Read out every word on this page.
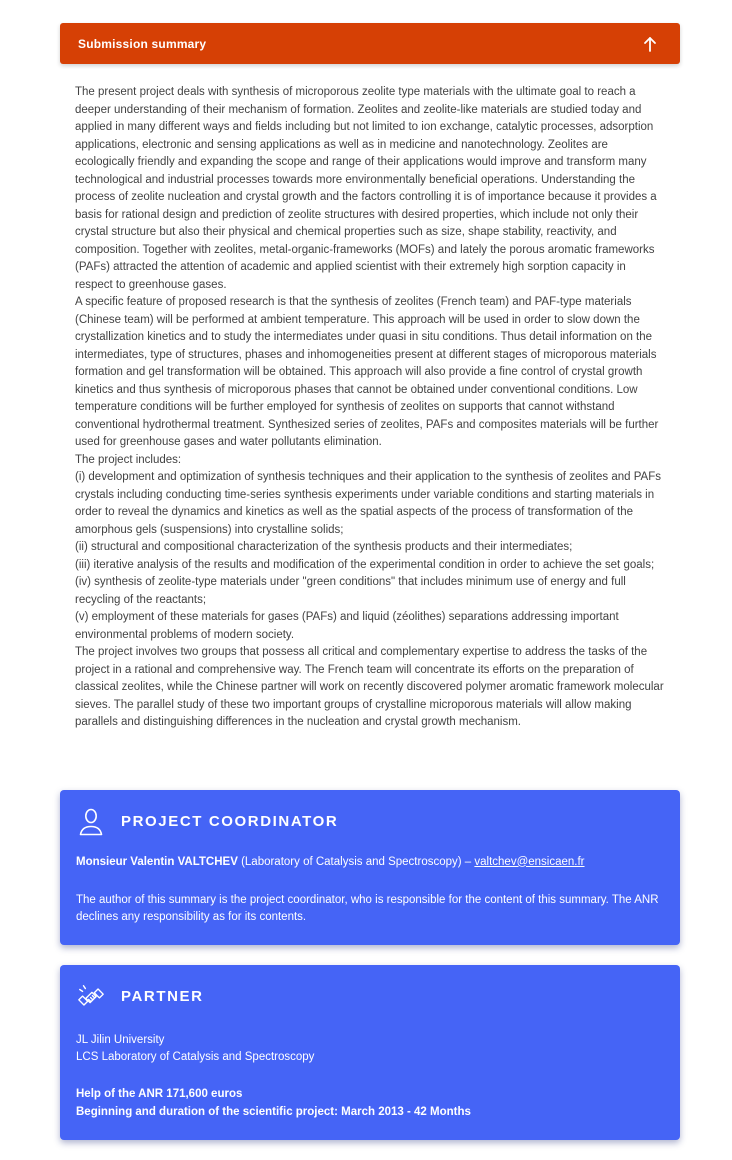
Submission summary
The present project deals with synthesis of microporous zeolite type materials with the ultimate goal to reach a deeper understanding of their mechanism of formation. Zeolites and zeolite-like materials are studied today and applied in many different ways and fields including but not limited to ion exchange, catalytic processes, adsorption applications, electronic and sensing applications as well as in medicine and nanotechnology. Zeolites are ecologically friendly and expanding the scope and range of their applications would improve and transform many technological and industrial processes towards more environmentally beneficial operations. Understanding the process of zeolite nucleation and crystal growth and the factors controlling it is of importance because it provides a basis for rational design and prediction of zeolite structures with desired properties, which include not only their crystal structure but also their physical and chemical properties such as size, shape stability, reactivity, and composition. Together with zeolites, metal-organic-frameworks (MOFs) and lately the porous aromatic frameworks (PAFs) attracted the attention of academic and applied scientist with their extremely high sorption capacity in respect to greenhouse gases.
A specific feature of proposed research is that the synthesis of zeolites (French team) and PAF-type materials (Chinese team) will be performed at ambient temperature. This approach will be used in order to slow down the crystallization kinetics and to study the intermediates under quasi in situ conditions. Thus detail information on the intermediates, type of structures, phases and inhomogeneities present at different stages of microporous materials formation and gel transformation will be obtained. This approach will also provide a fine control of crystal growth kinetics and thus synthesis of microporous phases that cannot be obtained under conventional conditions. Low temperature conditions will be further employed for synthesis of zeolites on supports that cannot withstand conventional hydrothermal treatment. Synthesized series of zeolites, PAFs and composites materials will be further used for greenhouse gases and water pollutants elimination.
The project includes:
(i) development and optimization of synthesis techniques and their application to the synthesis of zeolites and PAFs crystals including conducting time-series synthesis experiments under variable conditions and starting materials in order to reveal the dynamics and kinetics as well as the spatial aspects of the process of transformation of the amorphous gels (suspensions) into crystalline solids;
(ii) structural and compositional characterization of the synthesis products and their intermediates;
(iii) iterative analysis of the results and modification of the experimental condition in order to achieve the set goals;
(iv) synthesis of zeolite-type materials under "green conditions" that includes minimum use of energy and full recycling of the reactants;
(v) employment of these materials for gases (PAFs) and liquid (zéolithes) separations addressing important environmental problems of modern society.
The project involves two groups that possess all critical and complementary expertise to address the tasks of the project in a rational and comprehensive way. The French team will concentrate its efforts on the preparation of classical zeolites, while the Chinese partner will work on recently discovered polymer aromatic framework molecular sieves. The parallel study of these two important groups of crystalline microporous materials will allow making parallels and distinguishing differences in the nucleation and crystal growth mechanism.
PROJECT COORDINATOR
Monsieur Valentin VALTCHEV (Laboratory of Catalysis and Spectroscopy) – valtchev@ensicaen.fr
The author of this summary is the project coordinator, who is responsible for the content of this summary. The ANR declines any responsibility as for its contents.
PARTNER
JL Jilin University
LCS Laboratory of Catalysis and Spectroscopy
Help of the ANR 171,600 euros
Beginning and duration of the scientific project: March 2013 - 42 Months
